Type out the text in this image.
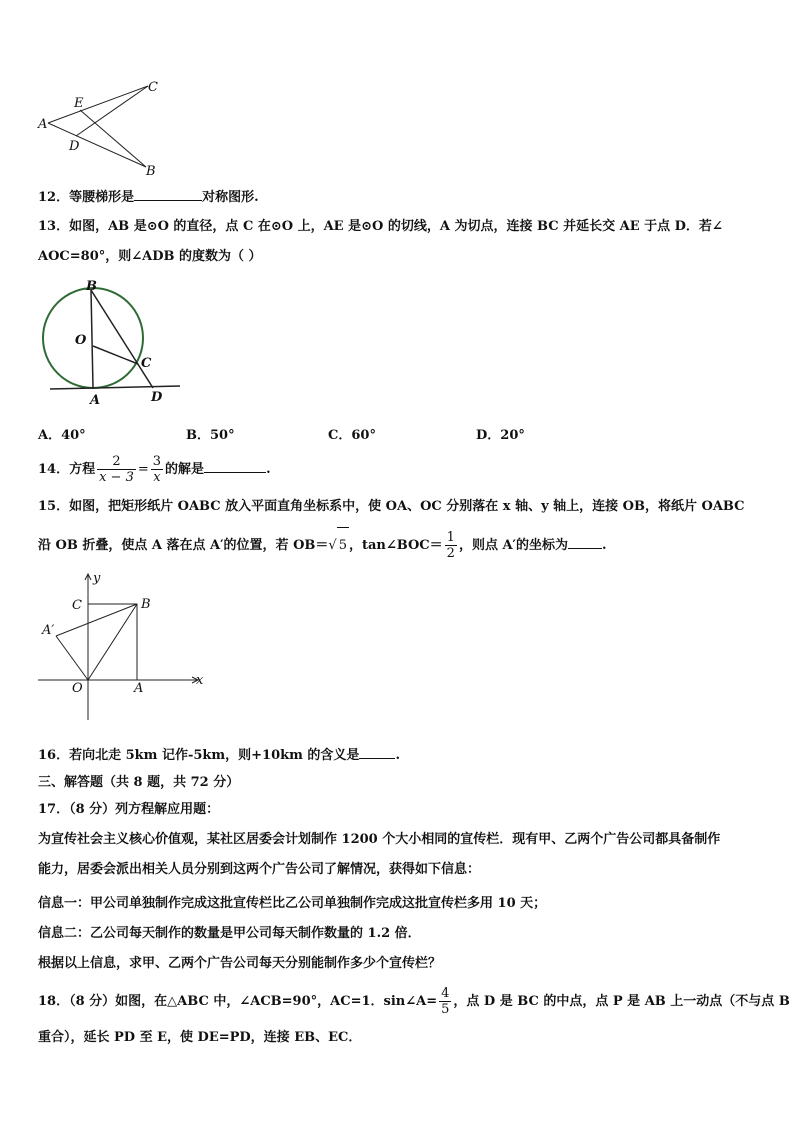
A
C
B
E
D
12．等腰梯形是	对称图形.
13．如图，AB 是⊙O 的直径，点 C 在⊙O 上，AE 是⊙O 的切线，A 为切点，连接 BC 并延长交 AE 于点 D．若∠
AOC=80°，则∠ADB 的度数为（ ）
B
O
C
A	D
A．40°	B．50°	C．60°	D．20°
14．方程 $\frac{2}{x - 3} = \frac{3}{x}$ 的解是	.
15．如图，把矩形纸片 OABC 放入平面直角坐标系中，使 OA、OC 分别落在 x 轴、y 轴上，连接 OB，将纸片 OABC
沿 OB 折叠，使点 A 落在点 A′的位置，若 OB＝√ 5 ，tan∠BOC＝ $\frac{1}{2}$ ，则点 A′的坐标为	.
y
x
C	B
A′
O	A
16．若向北走 5km 记作-5km，则+10km 的含义是	.
三、解答题（共 8 题，共 72 分）
17．（8 分）列方程解应用题：
为宣传社会主义核心价值观，某社区居委会计划制作 1200 个大小相同的宣传栏．现有甲、乙两个广告公司都具备制作
能力，居委会派出相关人员分别到这两个广告公司了解情况，获得如下信息：
信息一：甲公司单独制作完成这批宣传栏比乙公司单独制作完成这批宣传栏多用 10 天；
信息二：乙公司每天制作的数量是甲公司每天制作数量的 1.2 倍．
根据以上信息，求甲、乙两个广告公司每天分别能制作多少个宣传栏？
18．（8 分）如图，在△ABC 中，∠ACB=90°，AC=1．sin∠A= $\frac{4}{5}$ ，点 D 是 BC 的中点，点 P 是 AB 上一动点（不与点 B
重合），延长 PD 至 E，使 DE=PD，连接 EB、EC．
